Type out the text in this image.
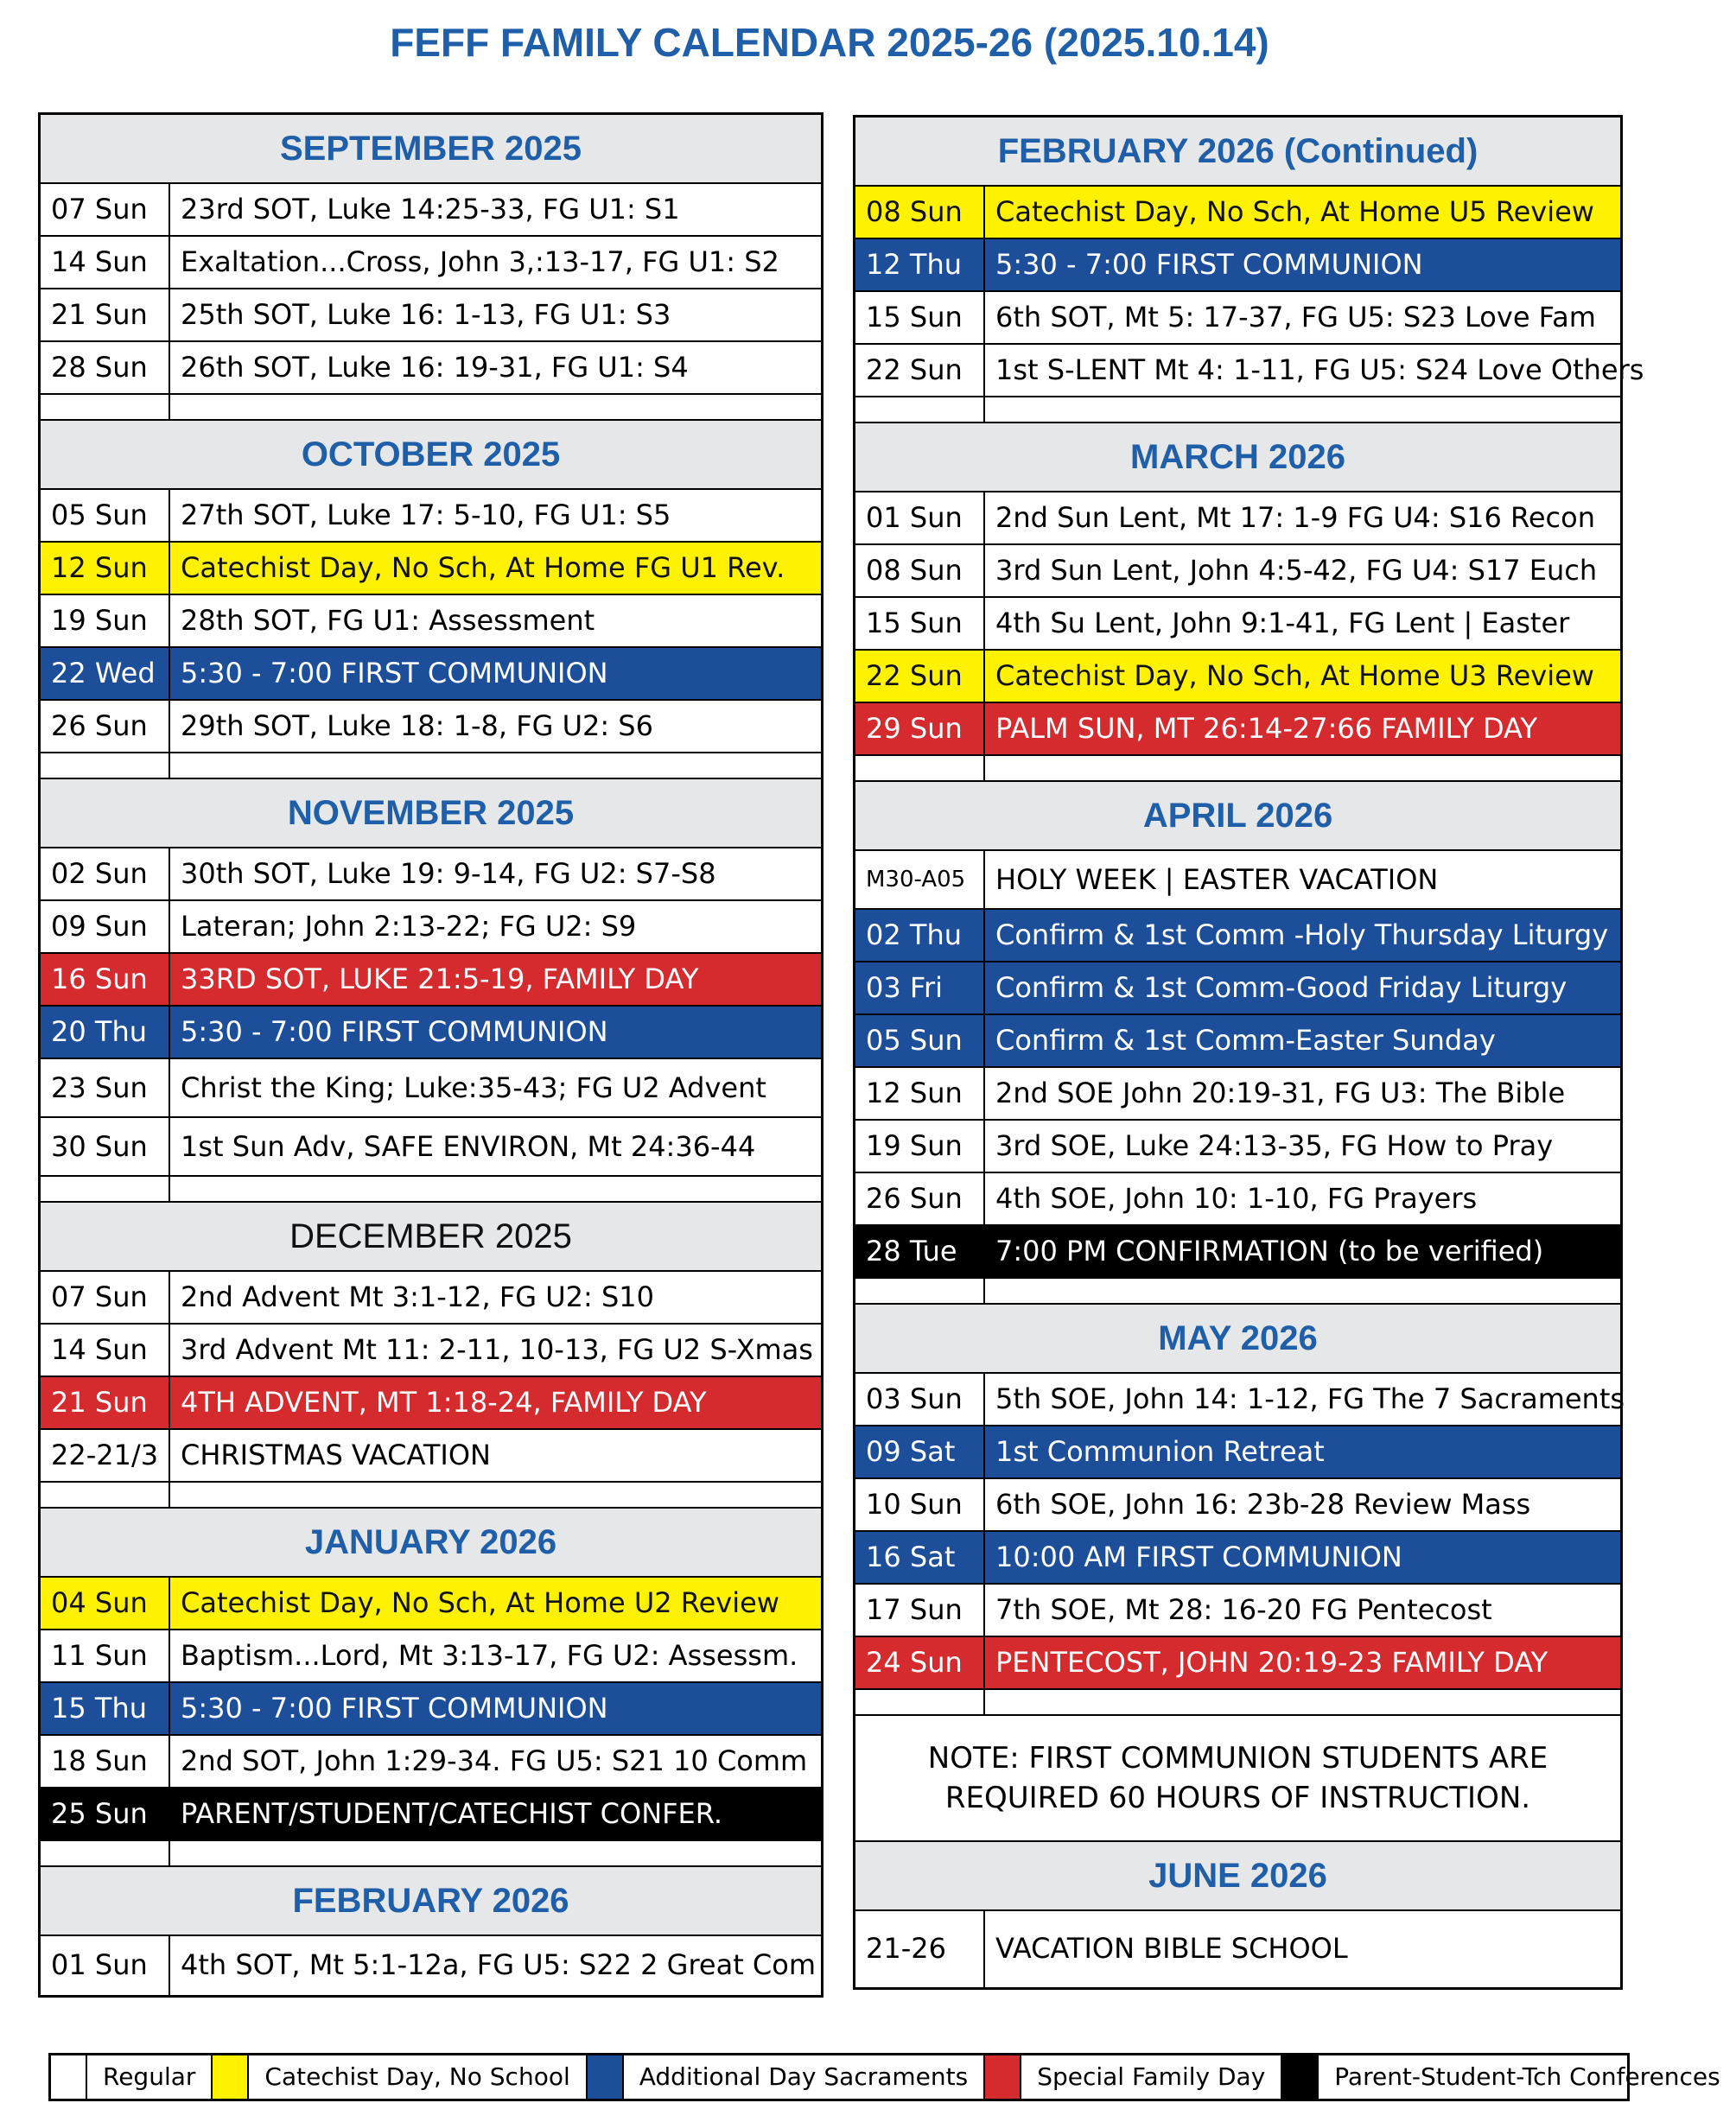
FEFF FAMILY CALENDAR 2025-26 (2025.10.14)
SEPTEMBER 2025
07 Sun	23rd SOT, Luke 14:25-33, FG U1: S1
14 Sun	Exaltation...Cross, John 3,:13-17, FG U1: S2
21 Sun	25th SOT, Luke 16: 1-13, FG U1: S3
28 Sun	26th SOT, Luke 16: 19-31, FG U1: S4
OCTOBER 2025
05 Sun	27th SOT, Luke 17: 5-10, FG U1: S5
12 Sun	Catechist Day, No Sch, At Home FG U1 Rev.
19 Sun	28th SOT, FG U1: Assessment
22 Wed 5:30 - 7:00 FIRST COMMUNION
26 Sun	29th SOT, Luke 18: 1-8, FG U2: S6
NOVEMBER 2025
02 Sun	30th SOT, Luke 19: 9-14, FG U2: S7-S8
09 Sun	Lateran; John 2:13-22; FG U2: S9
16 Sun	33RD SOT, LUKE 21:5-19, FAMILY DAY
20 Thu	5:30 - 7:00 FIRST COMMUNION
23 Sun	Christ the King; Luke:35-43; FG U2 Advent
30 Sun	1st Sun Adv, SAFE ENVIRON, Mt 24:36-44
DECEMBER 2025
07 Sun	2nd Advent Mt 3:1-12, FG U2: S10
14 Sun	3rd Advent Mt 11: 2-11, 10-13, FG U2 S-Xmas
21 Sun	4TH ADVENT, MT 1:18-24, FAMILY DAY
22-21/3 CHRISTMAS VACATION
JANUARY 2026
04 Sun	Catechist Day, No Sch, At Home U2 Review
11 Sun	Baptism...Lord, Mt 3:13-17, FG U2: Assessm.
15 Thu	5:30 - 7:00 FIRST COMMUNION
18 Sun	2nd SOT, John 1:29-34. FG U5: S21 10 Comm
25 Sun	PARENT/STUDENT/CATECHIST CONFER.
FEBRUARY 2026
01 Sun	4th SOT, Mt 5:1-12a, FG U5: S22 2 Great Com
FEBRUARY 2026 (Continued)
08 Sun	Catechist Day, No Sch, At Home U5 Review
12 Thu	5:30 - 7:00 FIRST COMMUNION
15 Sun	6th SOT, Mt 5: 17-37, FG U5: S23 Love Fam
22 Sun	1st S-LENT Mt 4: 1-11, FG U5: S24 Love Others
MARCH 2026
01 Sun	2nd Sun Lent, Mt 17: 1-9 FG U4: S16 Recon
08 Sun	3rd Sun Lent, John 4:5-42, FG U4: S17 Euch
15 Sun	4th Su Lent, John 9:1-41, FG Lent | Easter
22 Sun	Catechist Day, No Sch, At Home U3 Review
29 Sun	PALM SUN, MT 26:14-27:66 FAMILY DAY
APRIL 2026
M30-A05	HOLY WEEK | EASTER VACATION
02 Thu	Confirm & 1st Comm -Holy Thursday Liturgy
03 Fri	Confirm & 1st Comm-Good Friday Liturgy
05 Sun	Confirm & 1st Comm-Easter Sunday
12 Sun	2nd SOE John 20:19-31, FG U3: The Bible
19 Sun	3rd SOE, Luke 24:13-35, FG How to Pray
26 Sun	4th SOE, John 10: 1-10, FG Prayers
28 Tue	7:00 PM CONFIRMATION (to be verified)
MAY 2026
03 Sun	5th SOE, John 14: 1-12, FG The 7 Sacraments
09 Sat	1st Communion Retreat
10 Sun	6th SOE, John 16: 23b-28 Review Mass
16 Sat	10:00 AM FIRST COMMUNION
17 Sun	7th SOE, Mt 28: 16-20 FG Pentecost
24 Sun	PENTECOST, JOHN 20:19-23 FAMILY DAY
NOTE: FIRST COMMUNION STUDENTS ARE
REQUIRED 60 HOURS OF INSTRUCTION.
JUNE 2026
21-26	VACATION BIBLE SCHOOL
Regular	Catechist Day, No School	Additional Day Sacraments	Special Family Day	Parent-Student-Tch Conferences
